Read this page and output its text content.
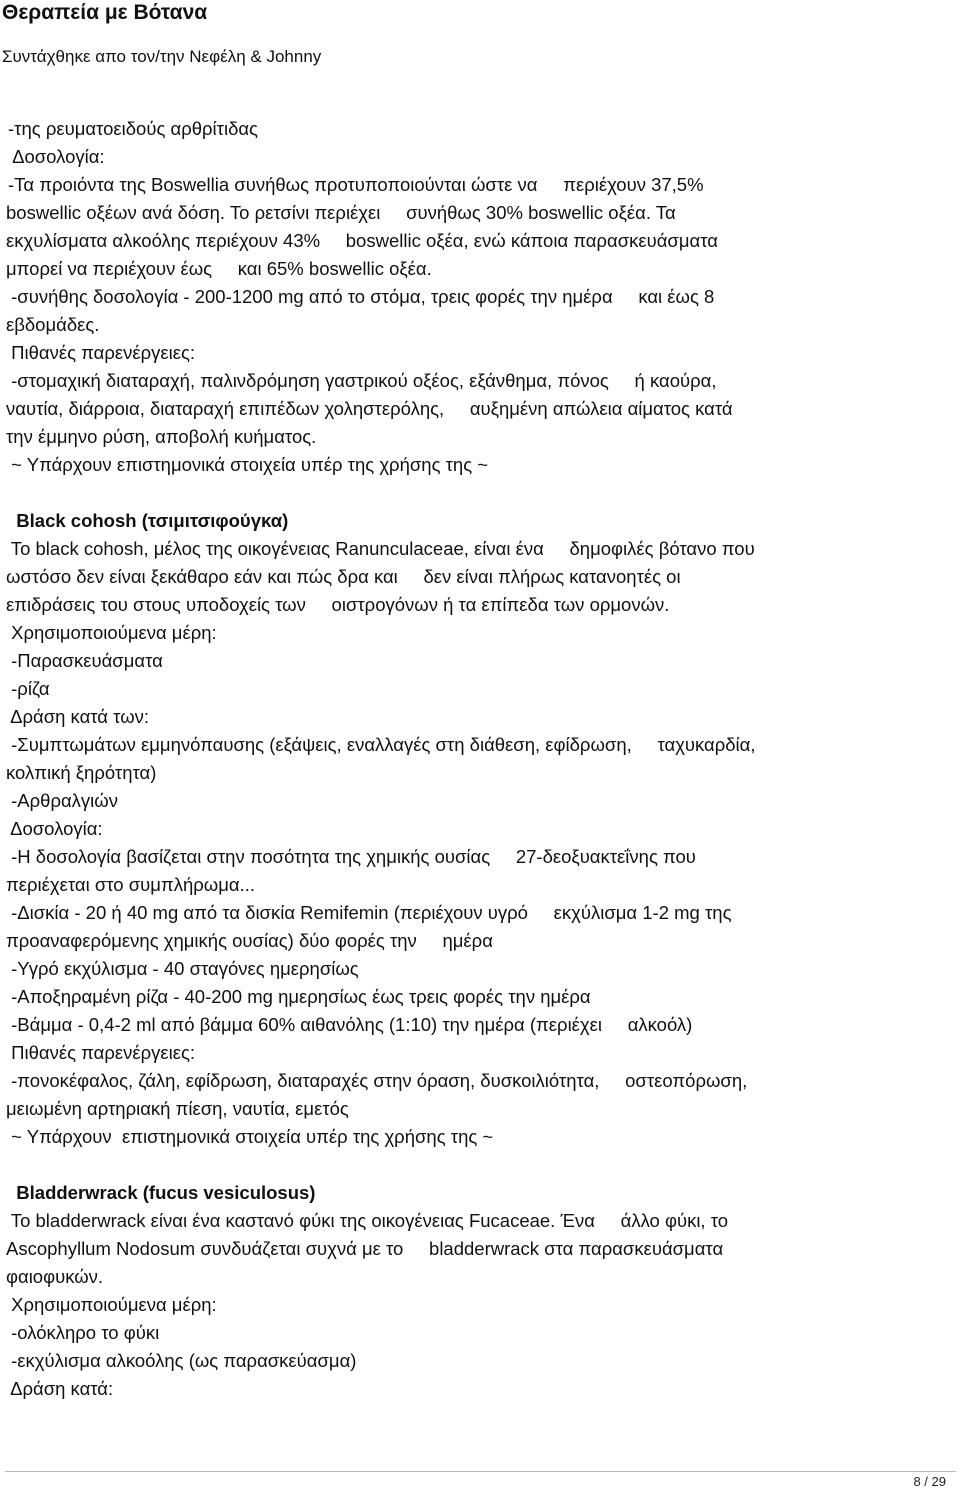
Θεραπεία με Βότανα
Συντάχθηκε απο τον/την Νεφέλη & Johnny
-της ρευματοειδούς αρθρίτιδας
Δοσολογία:
-Τα προιόντα της Boswellia συνήθως προτυποποιούνται ώστε να     περιέχουν 37,5%
boswellic οξέων ανά δόση. Το ρετσίνι περιέχει     συνήθως 30% boswellic οξέα. Τα
εκχυλίσματα αλκοόλης περιέχουν 43%     boswellic οξέα, ενώ κάποια παρασκευάσματα
μπορεί να περιέχουν έως     και 65% boswellic οξέα.
-συνήθης δοσολογία - 200-1200 mg από το στόμα, τρεις φορές την ημέρα     και έως 8
εβδομάδες.
Πιθανές παρενέργειες:
-στομαχική διαταραχή, παλινδρόμηση γαστρικού οξέος, εξάνθημα, πόνος     ή καούρα,
ναυτία, διάρροια, διαταραχή επιπέδων χοληστερόλης,     αυξημένη απώλεια αίματος κατά
την έμμηνο ρύση, αποβολή κυήματος.
~ Υπάρχουν επιστημονικά στοιχεία υπέρ της χρήσης της ~
Black cohosh (τσιμιτσιφούγκα)
Το black cohosh, μέλος της οικογένειας Ranunculaceae, είναι ένα     δημοφιλές βότανο που
ωστόσο δεν είναι ξεκάθαρο εάν και πώς δρα και     δεν είναι πλήρως κατανοητές οι
επιδράσεις του στους υποδοχείς των     οιστρογόνων ή τα επίπεδα των ορμονών.
Χρησιμοποιούμενα μέρη:
-Παρασκευάσματα
-ρίζα
Δράση κατά των:
-Συμπτωμάτων εμμηνόπαυσης (εξάψεις, εναλλαγές στη διάθεση, εφίδρωση,     ταχυκαρδία,
κολπική ξηρότητα)
-Αρθραλγιών
Δοσολογία:
-Η δοσολογία βασίζεται στην ποσότητα της χημικής ουσίας     27-δεοξυακτεΐνης που
περιέχεται στο συμπλήρωμα...
-Δισκία - 20 ή 40 mg από τα δισκία Remifemin (περιέχουν υγρό     εκχύλισμα 1-2 mg της
προαναφερόμενης χημικής ουσίας) δύο φορές την     ημέρα
-Υγρό εκχύλισμα - 40 σταγόνες ημερησίως
-Αποξηραμένη ρίζα - 40-200 mg ημερησίως έως τρεις φορές την ημέρα
-Βάμμα - 0,4-2 ml από βάμμα 60% αιθανόλης (1:10) την ημέρα (περιέχει     αλκοόλ)
Πιθανές παρενέργειες:
-πονοκέφαλος, ζάλη, εφίδρωση, διαταραχές στην όραση, δυσκοιλιότητα,     οστεοπόρωση,
μειωμένη αρτηριακή πίεση, ναυτία, εμετός
~ Υπάρχουν  επιστημονικά στοιχεία υπέρ της χρήσης της ~
Bladderwrack (fucus vesiculosus)
Το bladderwrack είναι ένα καστανό φύκι της οικογένειας Fucaceae. Ένα     άλλο φύκι, το
Ascophyllum Nodosum συνδυάζεται συχνά με το     bladderwrack στα παρασκευάσματα
φαιοφυκών.
Χρησιμοποιούμενα μέρη:
-ολόκληρο το φύκι
-εκχύλισμα αλκοόλης (ως παρασκεύασμα)
Δράση κατά:
8 / 29
